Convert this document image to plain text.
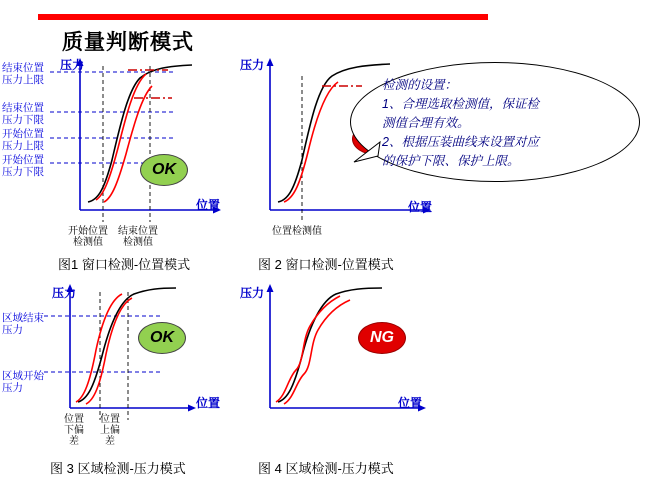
质量判断模式
压力
位置
结束位置
压力上限
结束位置
压力下限
开始位置
压力上限
开始位置
压力下限
开始位置
检测值
结束位置
检测值
OK
图1 窗口检测-位置模式
压力
位置
位置检测值
图 2 窗口检测-位置模式
检测的设置：
1、合理选取检测值，保证检
测值合理有效。
2、根据压装曲线来设置对应
的保护下限、保护上限。
压力
位置
区域结束
压力
区域开始
压力
位置
下偏
差
位置
上偏
差
OK
图 3 区域检测-压力模式
压力
位置
NG
图 4 区域检测-压力模式
